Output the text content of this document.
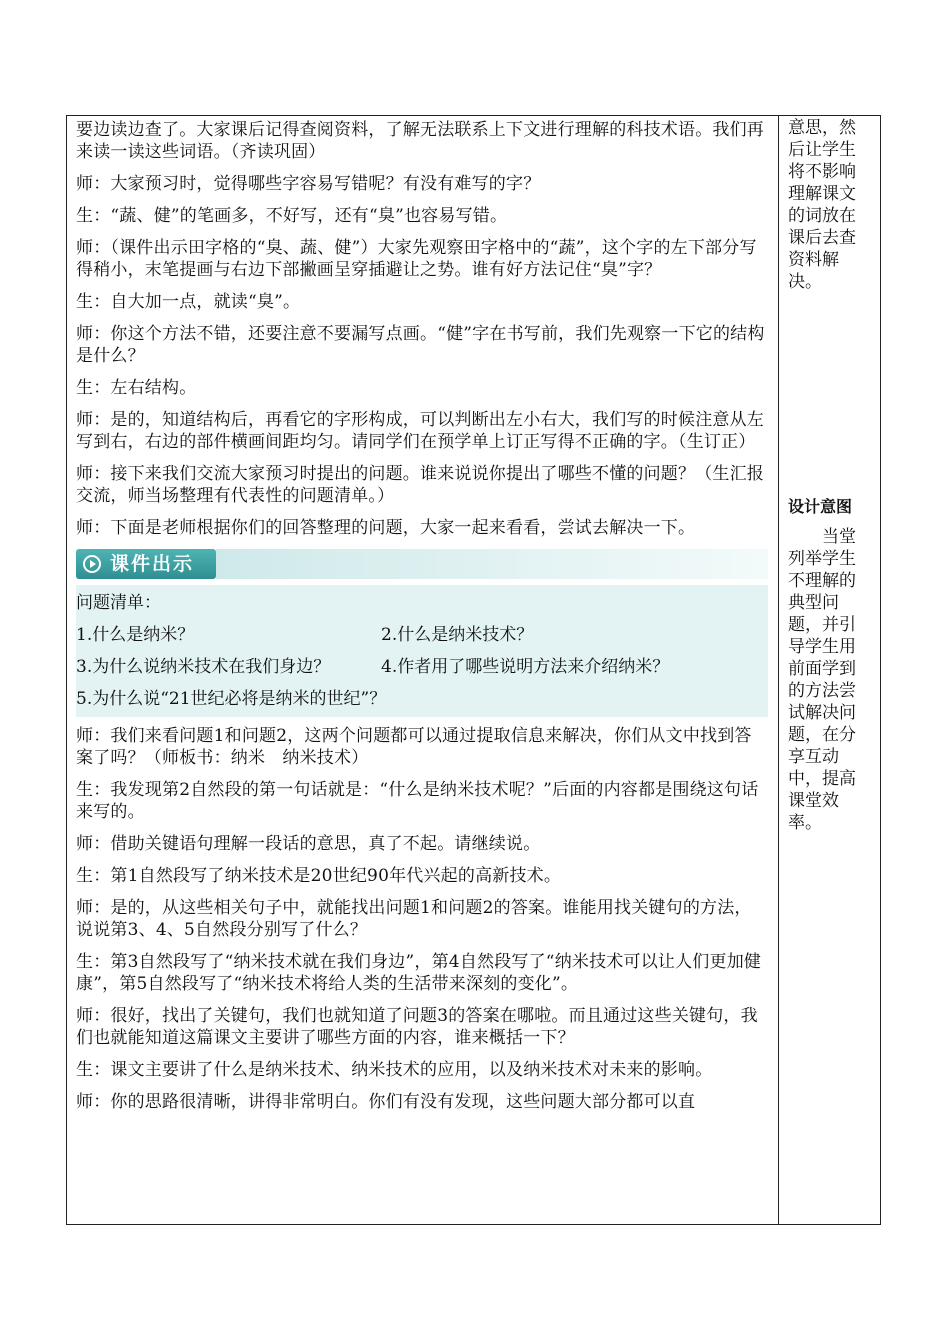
要边读边查了。大家课后记得查阅资料，了解无法联系上下文进行理解的科技术语。我们再来读一读这些词语。（齐读巩固）

师：大家预习时，觉得哪些字容易写错呢？有没有难写的字？

生：“蔬、健”的笔画多，不好写，还有“臭”也容易写错。

师：（课件出示田字格的“臭、蔬、健”）大家先观察田字格中的“蔬”，这个字的左下部分写得稍小，末笔提画与右边下部撇画呈穿插避让之势。谁有好方法记住“臭”字？

生：自大加一点，就读“臭”。

师：你这个方法不错，还要注意不要漏写点画。“健”字在书写前，我们先观察一下它的结构是什么？

生：左右结构。

师：是的，知道结构后，再看它的字形构成，可以判断出左小右大，我们写的时候注意从左写到右，右边的部件横画间距均匀。请同学们在预学单上订正写得不正确的字。（生订正）

师：接下来我们交流大家预习时提出的问题。谁来说说你提出了哪些不懂的问题？（生汇报交流，师当场整理有代表性的问题清单。）

师：下面是老师根据你们的回答整理的问题，大家一起来看看，尝试去解决一下。

课件出示
问题清单：
1.什么是纳米？	2.什么是纳米技术？
3.为什么说纳米技术在我们身边？	4.作者用了哪些说明方法来介绍纳米？
5.为什么说“21世纪必将是纳米的世纪”？

师：我们来看问题1和问题2，这两个问题都可以通过提取信息来解决，你们从文中找到答案了吗？（师板书：纳米　纳米技术）

生：我发现第2自然段的第一句话就是：“什么是纳米技术呢？”后面的内容都是围绕这句话来写的。

师：借助关键语句理解一段话的意思，真了不起。请继续说。

生：第1自然段写了纳米技术是20世纪90年代兴起的高新技术。

师：是的，从这些相关句子中，就能找出问题1和问题2的答案。谁能用找关键句的方法，说说第3、4、5自然段分别写了什么？

生：第3自然段写了“纳米技术就在我们身边”，第4自然段写了“纳米技术可以让人们更加健康”，第5自然段写了“纳米技术将给人类的生活带来深刻的变化”。

师：很好，找出了关键句，我们也就知道了问题3的答案在哪啦。而且通过这些关键句，我们也就能知道这篇课文主要讲了哪些方面的内容，谁来概括一下？

生：课文主要讲了什么是纳米技术、纳米技术的应用，以及纳米技术对未来的影响。

师：你的思路很清晰，讲得非常明白。你们有没有发现，这些问题大部分都可以直

意思，然后让学生将不影响理解课文的词放在课后去查资料解决。
设计意图
当堂列举学生不理解的典型问题，并引导学生用前面学到的方法尝试解决问题，在分享互动中，提高课堂效率。
